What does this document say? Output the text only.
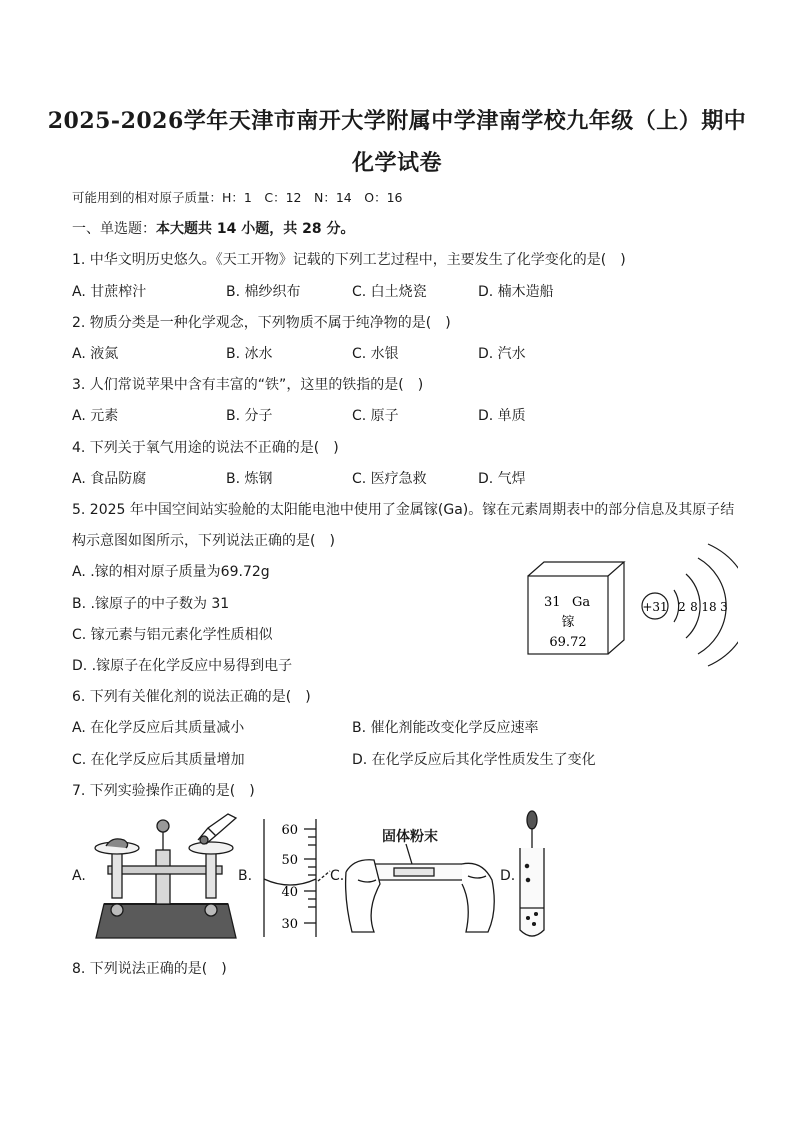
2025-2026学年天津市南开大学附属中学津南学校九年级（上）期中
化学试卷
可能用到的相对原子质量：H：1　C：12　N：14　O：16
一、单选题：本大题共 14 小题，共 28 分。
1. 中华文明历史悠久。《天工开物》记载的下列工艺过程中，主要发生了化学变化的是(　)
A. 甘蔗榨汁	B. 棉纱织布	C. 白土烧瓷	D. 楠木造船
2. 物质分类是一种化学观念，下列物质不属于纯净物的是(　)
A. 液氮	B. 冰水	C. 水银	D. 汽水
3. 人们常说苹果中含有丰富的“铁”，这里的铁指的是(　)
A. 元素	B. 分子	C. 原子	D. 单质
4. 下列关于氧气用途的说法不正确的是(　)
A. 食品防腐	B. 炼钢	C. 医疗急救	D. 气焊
5. 2025 年中国空间站实验舱的太阳能电池中使用了金属镓(Ga)。镓在元素周期表中的部分信息及其原子结
构示意图如图所示，下列说法正确的是(　)
A. .镓的相对原子质量为69.72g
B. .镓原子的中子数为 31
C. 镓元素与铝元素化学性质相似
D. .镓原子在化学反应中易得到电子
31 Ga
镓
69.72
+31 2 8 18 3
6. 下列有关催化剂的说法正确的是(　)
A. 在化学反应后其质量减小	B. 催化剂能改变化学反应速率
C. 在化学反应后其质量增加	D. 在化学反应后其化学性质发生了变化
7. 下列实验操作正确的是(　)
A.	B.	C.	D.
60
50
40
30
固体粉末
8. 下列说法正确的是(　)
